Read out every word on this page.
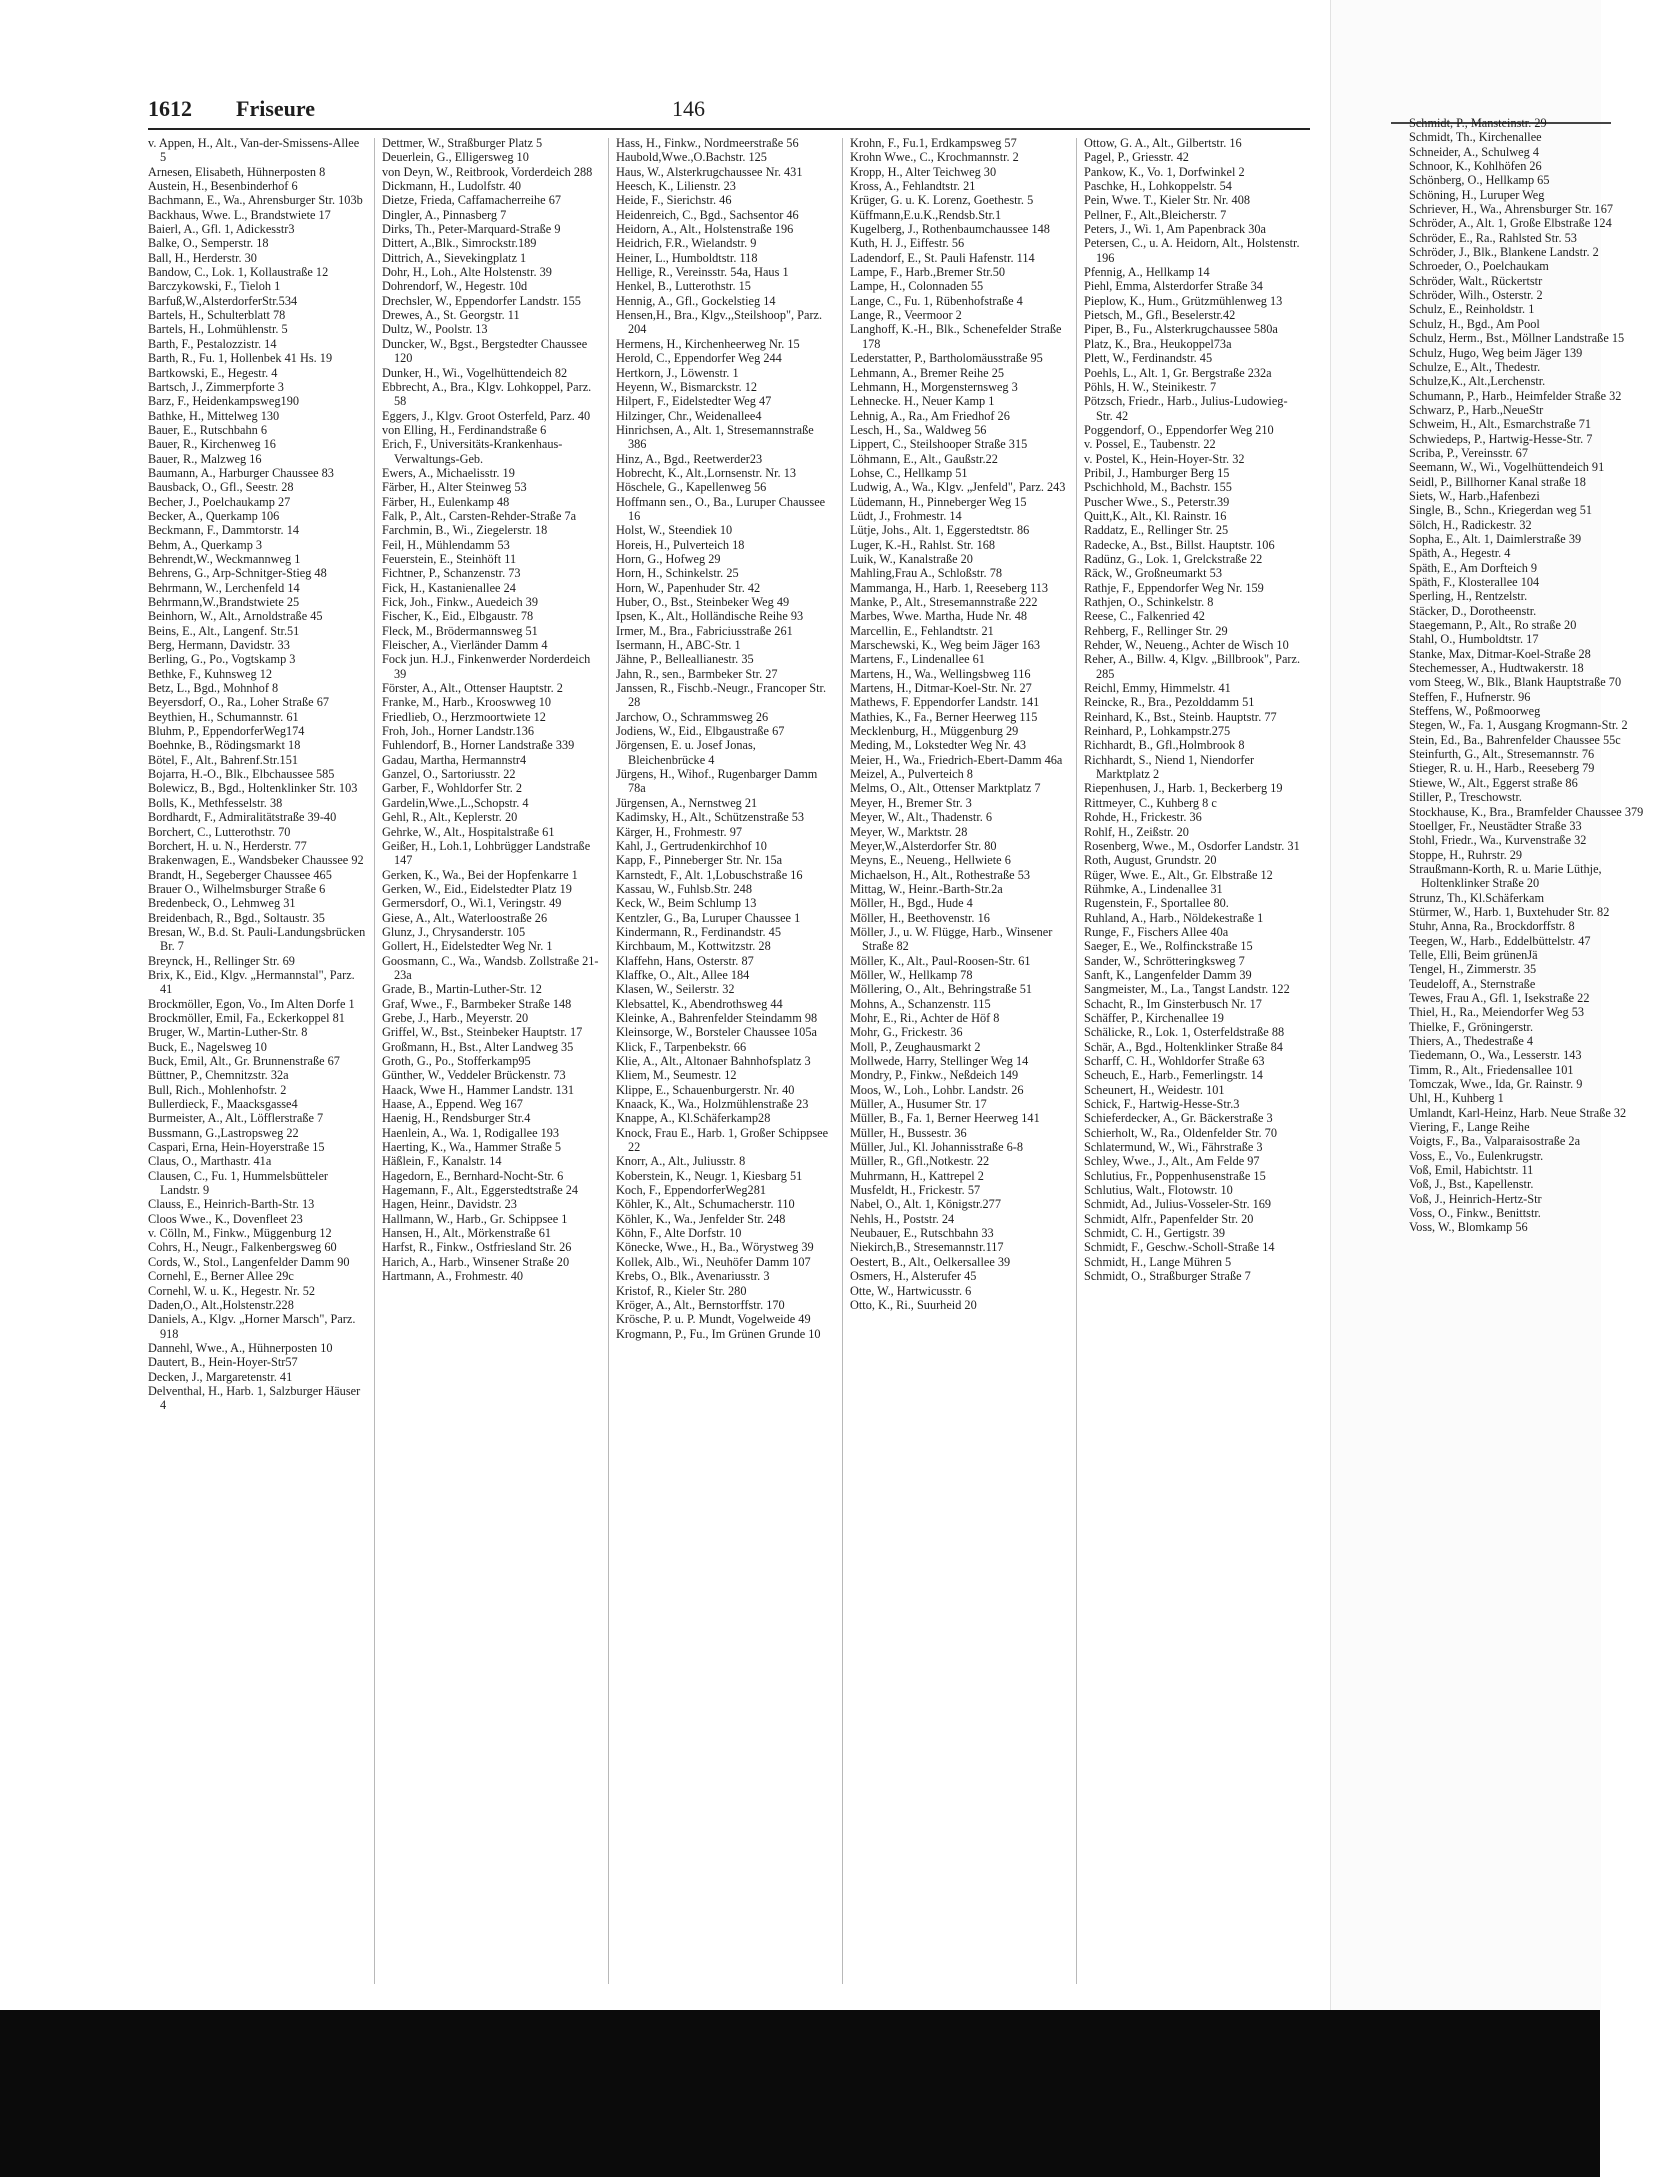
1612 Friseure	146

v. Appen, H., Alt., Van-der-Smissens-Allee 5

Arnesen, Elisabeth, Hühnerposten 8

Austein, H., Besenbinderhof 6

Bachmann, E., Wa., Ahrensburger Str. 103b

Backhaus, Wwe. L., Brandstwiete 17

Baierl, A., Gfl. 1, Adickesstr3

Balke, O., Semperstr. 18

Ball, H., Herderstr. 30

Bandow, C., Lok. 1, Kollaustraße 12

Barczykowski, F., Tieloh 1

Barfuß,W.,AlsterdorferStr.534

Bartels, H., Schulterblatt 78

Bartels, H., Lohmühlenstr. 5

Barth, F., Pestalozzistr. 14

Barth, R., Fu. 1, Hollenbek 41 Hs. 19

Bartkowski, E., Hegestr. 4

Bartsch, J., Zimmerpforte 3

Barz, F., Heidenkampsweg190

Bathke, H., Mittelweg 130

Bauer, E., Rutschbahn 6

Bauer, R., Kirchenweg 16

Bauer, R., Malzweg 16

Baumann, A., Harburger Chaussee 83

Bausback, O., Gfl., Seestr. 28

Becher, J., Poelchaukamp 27

Becker, A., Querkamp 106

Beckmann, F., Dammtorstr. 14

Behm, A., Querkamp 3

Behrendt,W., Weckmannweg 1

Behrens, G., Arp-Schnitger-Stieg 48

Behrmann, W., Lerchenfeld 14

Behrmann,W.,Brandstwiete 25

Beinhorn, W., Alt., Arnoldstraße 45

Beins, E., Alt., Langenf. Str.51

Berg, Hermann, Davidstr. 33

Berling, G., Po., Vogtskamp 3

Bethke, F., Kuhnsweg 12

Betz, L., Bgd., Mohnhof 8

Beyersdorf, O., Ra., Loher Straße 67

Beythien, H., Schumannstr. 61

Bluhm, P., EppendorferWeg174

Boehnke, B., Rödingsmarkt 18

Bötel, F., Alt., Bahrenf.Str.151

Bojarra, H.-O., Blk., Elbchaussee 585

Bolewicz, B., Bgd., Holtenklinker Str. 103

Bolls, K., Methfesselstr. 38

Bordhardt, F., Admiralitätstraße 39-40

Borchert, C., Lutterothstr. 70

Borchert, H. u. N., Herderstr. 77

Brakenwagen, E., Wandsbeker Chaussee 92

Brandt, H., Segeberger Chaussee 465

Brauer O., Wilhelmsburger Straße 6

Bredenbeck, O., Lehmweg 31

Breidenbach, R., Bgd., Soltaustr. 35

Bresan, W., B.d. St. Pauli-Landungsbrücken Br. 7

Breynck, H., Rellinger Str. 69

Brix, K., Eid., Klgv. „Hermannstal", Parz. 41

Brockmöller, Egon, Vo., Im Alten Dorfe 1

Brockmöller, Emil, Fa., Eckerkoppel 81

Bruger, W., Martin-Luther-Str. 8

Buck, E., Nagelsweg 10

Buck, Emil, Alt., Gr. Brunnenstraße 67

Büttner, P., Chemnitzstr. 32a

Bull, Rich., Mohlenhofstr. 2

Bullerdieck, F., Maacksgasse4

Burmeister, A., Alt., Löfflerstraße 7

Bussmann, G.,Lastropsweg 22

Caspari, Erna, Hein-Hoyerstraße 15

Claus, O., Marthastr. 41a

Clausen, C., Fu. 1, Hummelsbütteler Landstr. 9

Clauss, E., Heinrich-Barth-Str. 13

Cloos Wwe., K., Dovenfleet 23

v. Cölln, M., Finkw., Müggenburg 12

Cohrs, H., Neugr., Falkenbergsweg 60

Cords, W., Stol., Langenfelder Damm 90

Cornehl, E., Berner Allee 29c

Cornehl, W. u. K., Hegestr. Nr. 52

Daden,O., Alt.,Holstenstr.228

Daniels, A., Klgv. „Horner Marsch", Parz. 918

Dannehl, Wwe., A., Hühnerposten 10

Dautert, B., Hein-Hoyer-Str57

Decken, J., Margaretenstr. 41

Delventhal, H., Harb. 1, Salzburger Häuser 4

Dettmer, W., Straßburger Platz 5

Deuerlein, G., Elligersweg 10

von Deyn, W., Reitbrook, Vorderdeich 288

Dickmann, H., Ludolfstr. 40

Dietze, Frieda, Caffamacherreihe 67

Dingler, A., Pinnasberg 7

Dirks, Th., Peter-Marquard-Straße 9

Dittert, A.,Blk., Simrockstr.189

Dittrich, A., Sievekingplatz 1

Dohr, H., Loh., Alte Holstenstr. 39

Dohrendorf, W., Hegestr. 10d

Drechsler, W., Eppendorfer Landstr. 155

Drewes, A., St. Georgstr. 11

Dultz, W., Poolstr. 13

Duncker, W., Bgst., Bergstedter Chaussee 120

Dunker, H., Wi., Vogelhüttendeich 82

Ebbrecht, A., Bra., Klgv. Lohkoppel, Parz. 58

Eggers, J., Klgv. Groot Osterfeld, Parz. 40

von Elling, H., Ferdinandstraße 6

Erich, F., Universitäts-Krankenhaus-Verwaltungs-Geb.

Ewers, A., Michaelisstr. 19

Färber, H., Alter Steinweg 53

Färber, H., Eulenkamp 48

Falk, P., Alt., Carsten-Rehder-Straße 7a

Farchmin, B., Wi., Ziegelerstr. 18

Feil, H., Mühlendamm 53

Feuerstein, E., Steinhöft 11

Fichtner, P., Schanzenstr. 73

Fick, H., Kastanienallee 24

Fick, Joh., Finkw., Auedeich 39

Fischer, K., Eid., Elbgaustr. 78

Fleck, M., Brödermannsweg 51

Fleischer, A., Vierländer Damm 4

Fock jun. H.J., Finkenwerder Norderdeich 39

Förster, A., Alt., Ottenser Hauptstr. 2

Franke, M., Harb., Krooswweg 10

Friedlieb, O., Herzmoortwiete 12

Froh, Joh., Horner Landstr.136

Fuhlendorf, B., Horner Landstraße 339

Gadau, Martha, Hermannstr4

Ganzel, O., Sartoriusstr. 22

Garber, F., Wohldorfer Str. 2

Gardelin,Wwe.,L.,Schopstr. 4

Gehl, R., Alt., Keplerstr. 20

Gehrke, W., Alt., Hospitalstraße 61

Geißer, H., Loh.1, Lohbrügger Landstraße 147

Gerken, K., Wa., Bei der Hopfenkarre 1

Gerken, W., Eid., Eidelstedter Platz 19

Germersdorf, O., Wi.1, Veringstr. 49

Giese, A., Alt., Waterloostraße 26

Glunz, J., Chrysanderstr. 105

Gollert, H., Eidelstedter Weg Nr. 1

Goosmann, C., Wa., Wandsb. Zollstraße 21-23a

Grade, B., Martin-Luther-Str. 12

Graf, Wwe., F., Barmbeker Straße 148

Grebe, J., Harb., Meyerstr. 20

Griffel, W., Bst., Steinbeker Hauptstr. 17

Großmann, H., Bst., Alter Landweg 35

Groth, G., Po., Stofferkamp95

Günther, W., Veddeler Brückenstr. 73

Haack, Wwe H., Hammer Landstr. 131

Haase, A., Eppend. Weg 167

Haenig, H., Rendsburger Str.4

Haenlein, A., Wa. 1, Rodigallee 193

Haerting, K., Wa., Hammer Straße 5

Häßlein, F., Kanalstr. 14

Hagedorn, E., Bernhard-Nocht-Str. 6

Hagemann, F., Alt., Eggerstedtstraße 24

Hagen, Heinr., Davidstr. 23

Hallmann, W., Harb., Gr. Schippsee 1

Hansen, H., Alt., Mörkenstraße 61

Harfst, R., Finkw., Ostfriesland Str. 26

Harich, A., Harb., Winsener Straße 20

Hartmann, A., Frohmestr. 40

Hass, H., Finkw., Nordmeerstraße 56

Haubold,Wwe.,O.Bachstr. 125

Haus, W., Alsterkrugchaussee Nr. 431

Heesch, K., Lilienstr. 23

Heide, F., Sierichstr. 46

Heidenreich, C., Bgd., Sachsentor 46

Heidorn, A., Alt., Holstenstraße 196

Heidrich, F.R., Wielandstr. 9

Heiner, L., Humboldtstr. 118

Hellige, R., Vereinsstr. 54a, Haus 1

Henkel, B., Lutterothstr. 15

Hennig, A., Gfl., Gockelstieg 14

Hensen,H., Bra., Klgv.,,Steilshoop", Parz. 204

Hermens, H., Kirchenheerweg Nr. 15

Herold, C., Eppendorfer Weg 244

Hertkorn, J., Löwenstr. 1

Heyenn, W., Bismarckstr. 12

Hilpert, F., Eidelstedter Weg 47

Hilzinger, Chr., Weidenallee4

Hinrichsen, A., Alt. 1, Stresemannstraße 386

Hinz, A., Bgd., Reetwerder23

Hobrecht, K., Alt.,Lornsenstr. Nr. 13

Höschele, G., Kapellenweg 56

Hoffmann sen., O., Ba., Luruper Chaussee 16

Holst, W., Steendiek 10

Horeis, H., Pulverteich 18

Horn, G., Hofweg 29

Horn, H., Schinkelstr. 25

Horn, W., Papenhuder Str. 42

Huber, O., Bst., Steinbeker Weg 49

Ipsen, K., Alt., Holländische Reihe 93

Irmer, M., Bra., Fabriciusstraße 261

Isermann, H., ABC-Str. 1

Jähne, P., Belleallianestr. 35

Jahn, R., sen., Barmbeker Str. 27

Janssen, R., Fischb.-Neugr., Francoper Str. 28

Jarchow, O., Schrammsweg 26

Jodiens, W., Eid., Elbgaustraße 67

Jörgensen, E. u. Josef Jonas, Bleichenbrücke 4

Jürgens, H., Wihof., Rugenbarger Damm 78a

Jürgensen, A., Nernstweg 21

Kadimsky, H., Alt., Schützenstraße 53

Kärger, H., Frohmestr. 97

Kahl, J., Gertrudenkirchhof 10

Kapp, F., Pinneberger Str. Nr. 15a

Karnstedt, F., Alt. 1,Lobuschstraße 16

Kassau, W., Fuhlsb.Str. 248

Keck, W., Beim Schlump 13

Kentzler, G., Ba, Luruper Chaussee 1

Kindermann, R., Ferdinandstr. 45

Kirchbaum, M., Kottwitzstr. 28

Klaffehn, Hans, Osterstr. 87

Klaffke, O., Alt., Allee 184

Klasen, W., Seilerstr. 32

Klebsattel, K., Abendrothsweg 44

Kleinke, A., Bahrenfelder Steindamm 98

Kleinsorge, W., Borsteler Chaussee 105a

Klick, F., Tarpenbekstr. 66

Klie, A., Alt., Altonaer Bahnhofsplatz 3

Kliem, M., Seumestr. 12

Klippe, E., Schauenburgerstr. Nr. 40

Knaack, K., Wa., Holzmühlenstraße 23

Knappe, A., Kl.Schäferkamp28

Knock, Frau E., Harb. 1, Großer Schippsee 22

Knorr, A., Alt., Juliusstr. 8

Koberstein, K., Neugr. 1, Kiesbarg 51

Koch, F., EppendorferWeg281

Köhler, K., Alt., Schumacherstr. 110

Köhler, K., Wa., Jenfelder Str. 248

Köhn, F., Alte Dorfstr. 10

Könecke, Wwe., H., Ba., Wörystweg 39

Kollek, Alb., Wi., Neuhöfer Damm 107

Krebs, O., Blk., Avenariusstr. 3

Kristof, R., Kieler Str. 280

Kröger, A., Alt., Bernstorffstr. 170

Krösche, P. u. P. Mundt, Vogelweide 49

Krogmann, P., Fu., Im Grünen Grunde 10

Krohn, F., Fu.1, Erdkampsweg 57

Krohn Wwe., C., Krochmannstr. 2

Kropp, H., Alter Teichweg 30

Kross, A., Fehlandtstr. 21

Krüger, G. u. K. Lorenz, Goethestr. 5

Küffmann,E.u.K.,Rendsb.Str.1

Kugelberg, J., Rothenbaumchaussee 148

Kuth, H. J., Eiffestr. 56

Ladendorf, E., St. Pauli Hafenstr. 114

Lampe, F., Harb.,Bremer Str.50

Lampe, H., Colonnaden 55

Lange, C., Fu. 1, Rübenhofstraße 4

Lange, R., Veermoor 2

Langhoff, K.-H., Blk., Schenefelder Straße 178

Lederstatter, P., Bartholomäusstraße 95

Lehmann, A., Bremer Reihe 25

Lehmann, H., Morgensternsweg 3

Lehnecke. H., Neuer Kamp 1

Lehnig, A., Ra., Am Friedhof 26

Lesch, H., Sa., Waldweg 56

Lippert, C., Steilshooper Straße 315

Löhmann, E., Alt., Gaußstr.22

Lohse, C., Hellkamp 51

Ludwig, A., Wa., Klgv. „Jenfeld", Parz. 243

Lüdemann, H., Pinneberger Weg 15

Lüdt, J., Frohmestr. 14

Lütje, Johs., Alt. 1, Eggerstedtstr. 86

Luger, K.-H., Rahlst. Str. 168

Luik, W., Kanalstraße 20

Mahling,Frau A., Schloßstr. 78

Mammanga, H., Harb. 1, Reeseberg 113

Manke, P., Alt., Stresemannstraße 222

Marbes, Wwe. Martha, Hude Nr. 48

Marcellin, E., Fehlandtstr. 21

Marschewski, K., Weg beim Jäger 163

Martens, F., Lindenallee 61

Martens, H., Wa., Wellingsbweg 116

Martens, H., Ditmar-Koel-Str. Nr. 27

Mathews, F. Eppendorfer Landstr. 141

Mathies, K., Fa., Berner Heerweg 115

Mecklenburg, H., Müggenburg 29

Meding, M., Lokstedter Weg Nr. 43

Meier, H., Wa., Friedrich-Ebert-Damm 46a

Meizel, A., Pulverteich 8

Melms, O., Alt., Ottenser Marktplatz 7

Meyer, H., Bremer Str. 3

Meyer, W., Alt., Thadenstr. 6

Meyer, W., Marktstr. 28

Meyer,W.,Alsterdorfer Str. 80

Meyns, E., Neueng., Hellwiete 6

Michaelson, H., Alt., Rothestraße 53

Mittag, W., Heinr.-Barth-Str.2a

Möller, H., Bgd., Hude 4

Möller, H., Beethovenstr. 16

Möller, J., u. W. Flügge, Harb., Winsener Straße 82

Möller, K., Alt., Paul-Roosen-Str. 61

Möller, W., Hellkamp 78

Möllering, O., Alt., Behringstraße 51

Mohns, A., Schanzenstr. 115

Mohr, E., Ri., Achter de Höf 8

Mohr, G., Frickestr. 36

Moll, P., Zeughausmarkt 2

Mollwede, Harry, Stellinger Weg 14

Mondry, P., Finkw., Neßdeich 149

Moos, W., Loh., Lohbr. Landstr. 26

Müller, A., Husumer Str. 17

Müller, B., Fa. 1, Berner Heerweg 141

Müller, H., Bussestr. 36

Müller, Jul., Kl. Johannisstraße 6-8

Müller, R., Gfl.,Notkestr. 22

Muhrmann, H., Kattrepel 2

Musfeldt, H., Frickestr. 57

Nabel, O., Alt. 1, Königstr.277

Nehls, H., Poststr. 24

Neubauer, E., Rutschbahn 33

Niekirch,B., Stresemannstr.117

Oestert, B., Alt., Oelkersallee 39

Osmers, H., Alsterufer 45

Otte, W., Hartwicusstr. 6

Otto, K., Ri., Suurheid 20

Ottow, G. A., Alt., Gilbertstr. 16

Pagel, P., Griesstr. 42

Pankow, K., Vo. 1, Dorfwinkel 2

Paschke, H., Lohkoppelstr. 54

Pein, Wwe. T., Kieler Str. Nr. 408

Pellner, F., Alt.,Bleicherstr. 7

Peters, J., Wi. 1, Am Papenbrack 30a

Petersen, C., u. A. Heidorn, Alt., Holstenstr. 196

Pfennig, A., Hellkamp 14

Piehl, Emma, Alsterdorfer Straße 34

Pieplow, K., Hum., Grützmühlenweg 13

Pietsch, M., Gfl., Beselerstr.42

Piper, B., Fu., Alsterkrugchaussee 580a

Platz, K., Bra., Heukoppel73a

Plett, W., Ferdinandstr. 45

Poehls, L., Alt. 1, Gr. Bergstraße 232a

Pöhls, H. W., Steinikestr. 7

Pötzsch, Friedr., Harb., Julius-Ludowieg-Str. 42

Poggendorf, O., Eppendorfer Weg 210

v. Possel, E., Taubenstr. 22

v. Postel, K., Hein-Hoyer-Str. 32

Pribil, J., Hamburger Berg 15

Pschichhold, M., Bachstr. 155

Puscher Wwe., S., Peterstr.39

Quitt,K., Alt., Kl. Rainstr. 16

Raddatz, E., Rellinger Str. 25

Radecke, A., Bst., Billst. Hauptstr. 106

Radünz, G., Lok. 1, Grelckstraße 22

Räck, W., Großneumarkt 53

Rathje, F., Eppendorfer Weg Nr. 159

Rathjen, O., Schinkelstr. 8

Reese, C., Falkenried 42

Rehberg, F., Rellinger Str. 29

Rehder, W., Neueng., Achter de Wisch 10

Reher, A., Billw. 4, Klgv. „Billbrook", Parz. 285

Reichl, Emmy, Himmelstr. 41

Reincke, R., Bra., Pezolddamm 51

Reinhard, K., Bst., Steinb. Hauptstr. 77

Reinhard, P., Lohkampstr.275

Richhardt, B., Gfl.,Holmbrook 8

Richhardt, S., Niend 1, Niendorfer Marktplatz 2

Riepenhusen, J., Harb. 1, Beckerberg 19

Rittmeyer, C., Kuhberg 8 c

Rohde, H., Frickestr. 36

Rohlf, H., Zeißstr. 20

Rosenberg, Wwe., M., Osdorfer Landstr. 31

Roth, August, Grundstr. 20

Rüger, Wwe. E., Alt., Gr. Elbstraße 12

Rühmke, A., Lindenallee 31

Rugenstein, F., Sportallee 80.

Ruhland, A., Harb., Nöldekestraße 1

Runge, F., Fischers Allee 40a

Saeger, E., We., Rolfinckstraße 15

Sander, W., Schrötteringksweg 7

Sanft, K., Langenfelder Damm 39

Sangmeister, M., La., Tangst Landstr. 122

Schacht, R., Im Ginsterbusch Nr. 17

Schäffer, P., Kirchenallee 19

Schälicke, R., Lok. 1, Osterfeldstraße 88

Schär, A., Bgd., Holtenklinker Straße 84

Scharff, C. H., Wohldorfer Straße 63

Scheuch, E., Harb., Femerlingstr. 14

Scheunert, H., Weidestr. 101

Schick, F., Hartwig-Hesse-Str.3

Schieferdecker, A., Gr. Bäckerstraße 3

Schierholt, W., Ra., Oldenfelder Str. 70

Schlatermund, W., Wi., Fährstraße 3

Schley, Wwe., J., Alt., Am Felde 97

Schlutius, Fr., Poppenhusenstraße 15

Schlutius, Walt., Flotowstr. 10

Schmidt, Ad., Julius-Vosseler-Str. 169

Schmidt, Alfr., Papenfelder Str. 20

Schmidt, C. H., Gertigstr. 39

Schmidt, F., Geschw.-Scholl-Straße 14

Schmidt, H., Lange Mühren 5

Schmidt, O., Straßburger Straße 7

Schmidt, P., Mansteinstr. 29

Schmidt, Th., Kirchenallee

Schneider, A., Schulweg 4

Schnoor, K., Kohlhöfen 26

Schönberg, O., Hellkamp 65

Schöning, H., Luruper Weg

Schriever, H., Wa., Ahrensburger Str. 167

Schröder, A., Alt. 1, Große Elbstraße 124

Schröder, E., Ra., Rahlsted Str. 53

Schröder, J., Blk., Blankene Landstr. 2

Schroeder, O., Poelchaukam

Schröder, Walt., Rückertstr

Schröder, Wilh., Osterstr. 2

Schulz, E., Reinholdstr. 1

Schulz, H., Bgd., Am Pool

Schulz, Herm., Bst., Möllner Landstraße 15

Schulz, Hugo, Weg beim Jäger 139

Schulze, E., Alt., Thedestr.

Schulze,K., Alt.,Lerchenstr.

Schumann, P., Harb., Heimfelder Straße 32

Schwarz, P., Harb.,NeueStr

Schweim, H., Alt., Esmarchstraße 71

Schwiedeps, P., Hartwig-Hesse-Str. 7

Scriba, P., Vereinsstr. 67

Seemann, W., Wi., Vogelhüttendeich 91

Seidl, P., Billhorner Kanal straße 18

Siets, W., Harb.,Hafenbezi

Single, B., Schn., Kriegerdan weg 51

Sölch, H., Radickestr. 32

Sopha, E., Alt. 1, Daimlerstraße 39

Späth, A., Hegestr. 4

Späth, E., Am Dorfteich 9

Späth, F., Klosterallee 104

Sperling, H., Rentzelstr.

Stäcker, D., Dorotheenstr.

Staegemann, P., Alt., Ro straße 20

Stahl, O., Humboldtstr. 17

Stanke, Max, Ditmar-Koel-Straße 28

Stechemesser, A., Hudtwakerstr. 18

vom Steeg, W., Blk., Blank Hauptstraße 70

Steffen, F., Hufnerstr. 96

Steffens, W., Poßmoorweg

Stegen, W., Fa. 1, Ausgang Krogmann-Str. 2

Stein, Ed., Ba., Bahrenfelder Chaussee 55c

Steinfurth, G., Alt., Stresemannstr. 76

Stieger, R. u. H., Harb., Reeseberg 79

Stiewe, W., Alt., Eggerst straße 86

Stiller, P., Treschowstr.

Stockhause, K., Bra., Bramfelder Chaussee 379

Stoellger, Fr., Neustädter Straße 33

Stohl, Friedr., Wa., Kurvenstraße 32

Stoppe, H., Ruhrstr. 29

Straußmann-Korth, R. u. Marie Lüthje, Holtenklinker Straße 20

Strunz, Th., Kl.Schäferkam

Stürmer, W., Harb. 1, Buxtehuder Str. 82

Stuhr, Anna, Ra., Brockdorffstr. 8

Teegen, W., Harb., Eddelbüttelstr. 47

Telle, Elli, Beim grünenJä

Tengel, H., Zimmerstr. 35

Teudeloff, A., Sternstraße

Tewes, Frau A., Gfl. 1, Isekstraße 22

Thiel, H., Ra., Meiendorfer Weg 53

Thielke, F., Gröningerstr.

Thiers, A., Thedestraße 4

Tiedemann, O., Wa., Lesserstr. 143

Timm, R., Alt., Friedensallee 101

Tomczak, Wwe., Ida, Gr. Rainstr. 9

Uhl, H., Kuhberg 1

Umlandt, Karl-Heinz, Harb. Neue Straße 32

Viering, F., Lange Reihe

Voigts, F., Ba., Valparaisostraße 2a

Voss, E., Vo., Eulenkrugstr.

Voß, Emil, Habichtstr. 11

Voß, J., Bst., Kapellenstr.

Voß, J., Heinrich-Hertz-Str

Voss, O., Finkw., Benittstr.

Voss, W., Blomkamp 56
